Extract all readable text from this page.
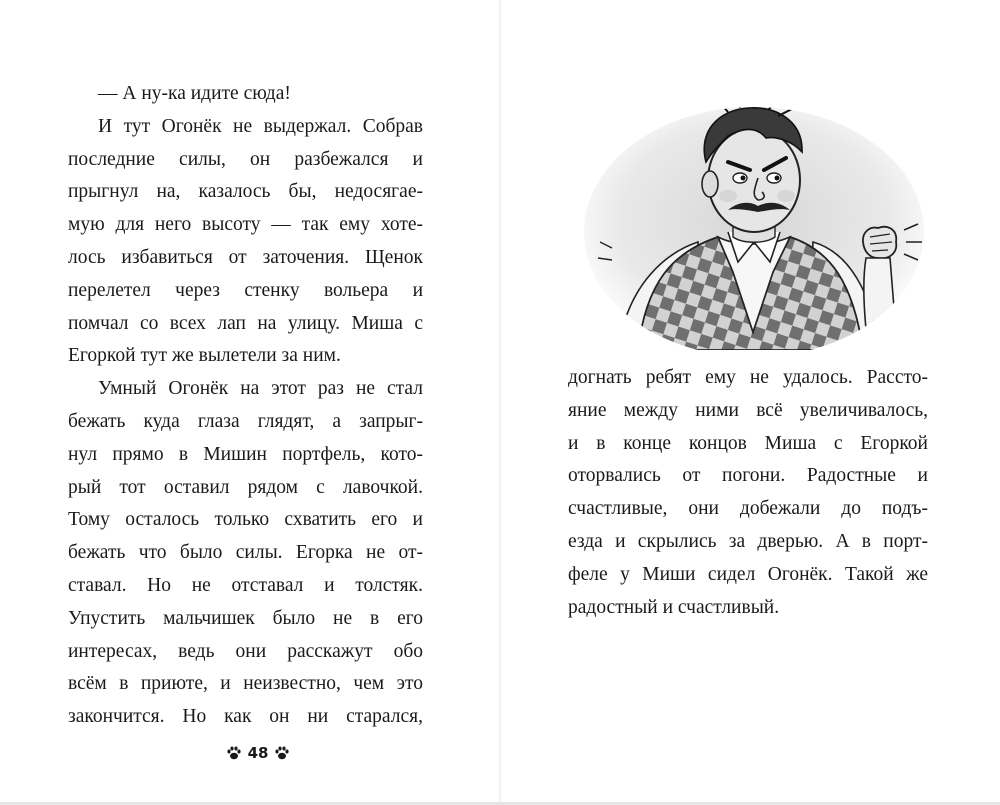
— А ну-ка идите сюда!
И тут Огонёк не выдержал. Собрав
последние силы, он разбежался и
прыгнул на, казалось бы, недосягае-
мую для него высоту — так ему хоте-
лось избавиться от заточения. Щенок
перелетел через стенку вольера и
помчал со всех лап на улицу. Миша с
Егоркой тут же вылетели за ним.
Умный Огонёк на этот раз не стал
бежать куда глаза глядят, а запрыг-
нул прямо в Мишин портфель, кото-
рый тот оставил рядом с лавочкой.
Тому осталось только схватить его и
бежать что было силы. Егорка не от-
ставал. Но не отставал и толстяк.
Упустить мальчишек было не в его
интересах, ведь они расскажут обо
всём в приюте, и неизвестно, чем это
закончится. Но как он ни старался,
догнать ребят ему не удалось. Рассто-
яние между ними всё увеличивалось,
и в конце концов Миша с Егоркой
оторвались от погони. Радостные и
счастливые, они добежали до подъ-
езда и скрылись за дверью. А в порт-
феле у Миши сидел Огонёк. Такой же
радостный и счастливый.
48
